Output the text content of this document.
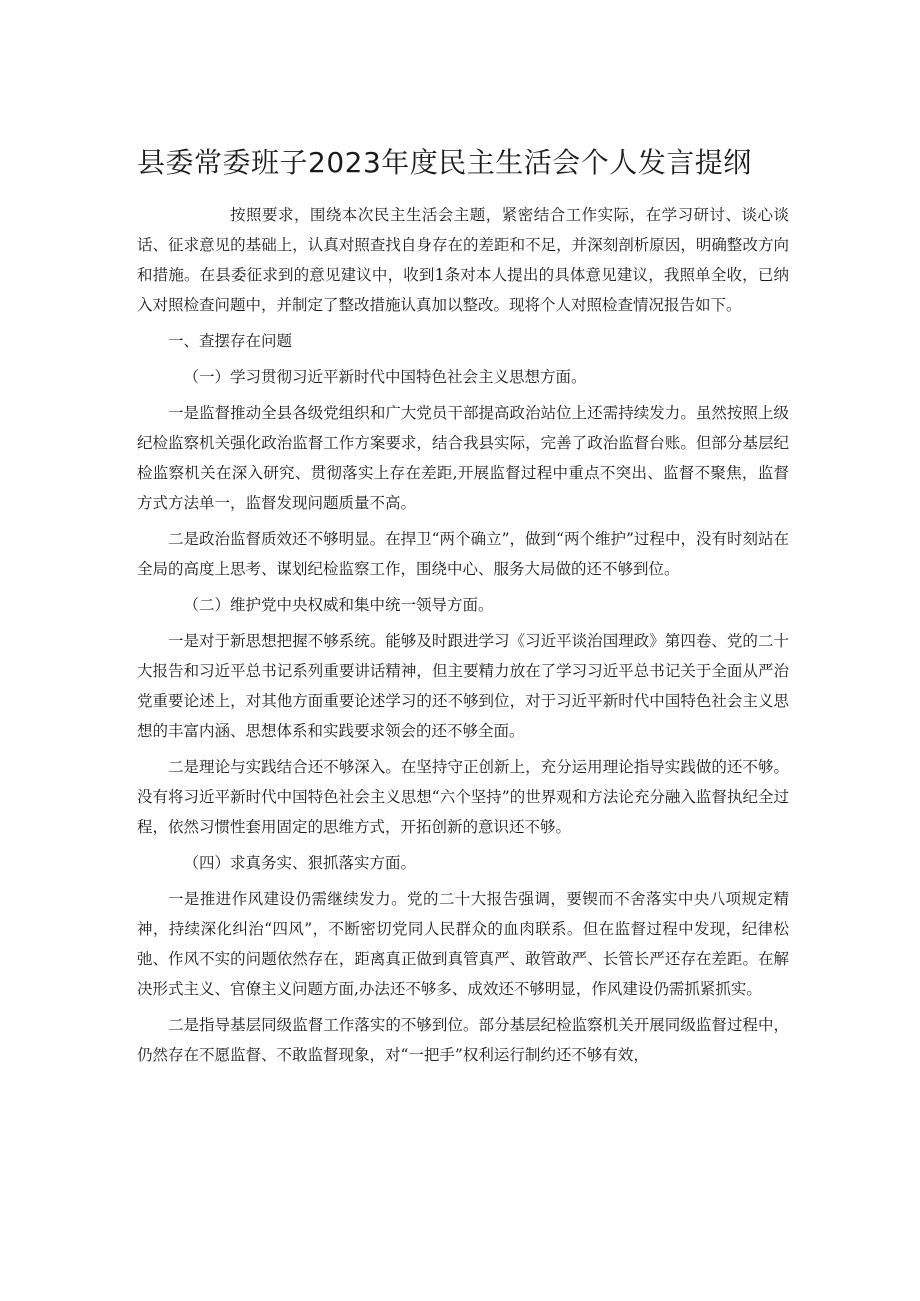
县委常委班子2023年度民主生活会个人发言提纲

按照要求，围绕本次民主生活会主题，紧密结合工作实际，在学习研讨、谈心谈话、征求意见的基础上，认真对照查找自身存在的差距和不足，并深刻剖析原因，明确整改方向和措施。在县委征求到的意见建议中，收到1条对本人提出的具体意见建议，我照单全收，已纳入对照检查问题中，并制定了整改措施认真加以整改。现将个人对照检查情况报告如下。

一、查摆存在问题

（一）学习贯彻习近平新时代中国特色社会主义思想方面。

一是监督推动全县各级党组织和广大党员干部提高政治站位上还需持续发力。虽然按照上级纪检监察机关强化政治监督工作方案要求，结合我县实际，完善了政治监督台账。但部分基层纪检监察机关在深入研究、贯彻落实上存在差距,开展监督过程中重点不突出、监督不聚焦，监督方式方法单一，监督发现问题质量不高。

二是政治监督质效还不够明显。在捍卫“两个确立”，做到“两个维护”过程中，没有时刻站在全局的高度上思考、谋划纪检监察工作，围绕中心、服务大局做的还不够到位。

（二）维护党中央权威和集中统一领导方面。

一是对于新思想把握不够系统。能够及时跟进学习《习近平谈治国理政》第四卷、党的二十大报告和习近平总书记系列重要讲话精神，但主要精力放在了学习习近平总书记关于全面从严治党重要论述上，对其他方面重要论述学习的还不够到位，对于习近平新时代中国特色社会主义思想的丰富内涵、思想体系和实践要求领会的还不够全面。

二是理论与实践结合还不够深入。在坚持守正创新上，充分运用理论指导实践做的还不够。没有将习近平新时代中国特色社会主义思想“六个坚持”的世界观和方法论充分融入监督执纪全过程，依然习惯性套用固定的思维方式，开拓创新的意识还不够。

（四）求真务实、狠抓落实方面。

一是推进作风建设仍需继续发力。党的二十大报告强调，要锲而不舍落实中央八项规定精神，持续深化纠治“四风”，不断密切党同人民群众的血肉联系。但在监督过程中发现，纪律松弛、作风不实的问题依然存在，距离真正做到真管真严、敢管敢严、长管长严还存在差距。在解决形式主义、官僚主义问题方面,办法还不够多、成效还不够明显，作风建设仍需抓紧抓实。

二是指导基层同级监督工作落实的不够到位。部分基层纪检监察机关开展同级监督过程中，仍然存在不愿监督、不敢监督现象，对“一把手”权利运行制约还不够有效，
